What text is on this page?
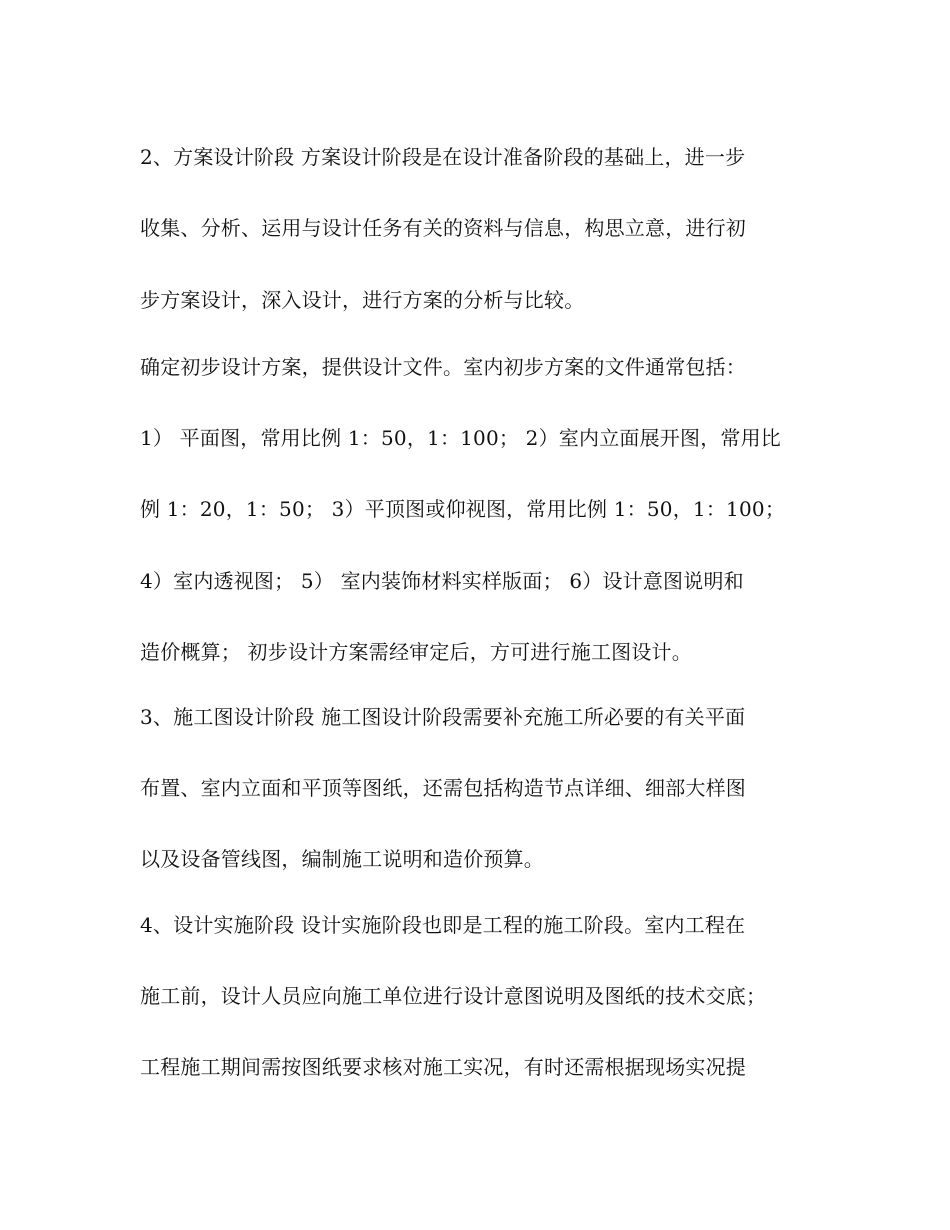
2、方案设计阶段 方案设计阶段是在设计准备阶段的基础上，进一步
收集、分析、运用与设计任务有关的资料与信息，构思立意，进行初
步方案设计，深入设计，进行方案的分析与比较。
确定初步设计方案，提供设计文件。室内初步方案的文件通常包括：
1） 平面图，常用比例 1：50，1：100； 2）室内立面展开图，常用比
例 1：20，1：50； 3）平顶图或仰视图，常用比例 1：50，1：100；
4）室内透视图； 5） 室内装饰材料实样版面； 6）设计意图说明和
造价概算； 初步设计方案需经审定后，方可进行施工图设计。
3、施工图设计阶段 施工图设计阶段需要补充施工所必要的有关平面
布置、室内立面和平顶等图纸，还需包括构造节点详细、细部大样图
以及设备管线图，编制施工说明和造价预算。
4、设计实施阶段 设计实施阶段也即是工程的施工阶段。室内工程在
施工前，设计人员应向施工单位进行设计意图说明及图纸的技术交底；
工程施工期间需按图纸要求核对施工实况，有时还需根据现场实况提
